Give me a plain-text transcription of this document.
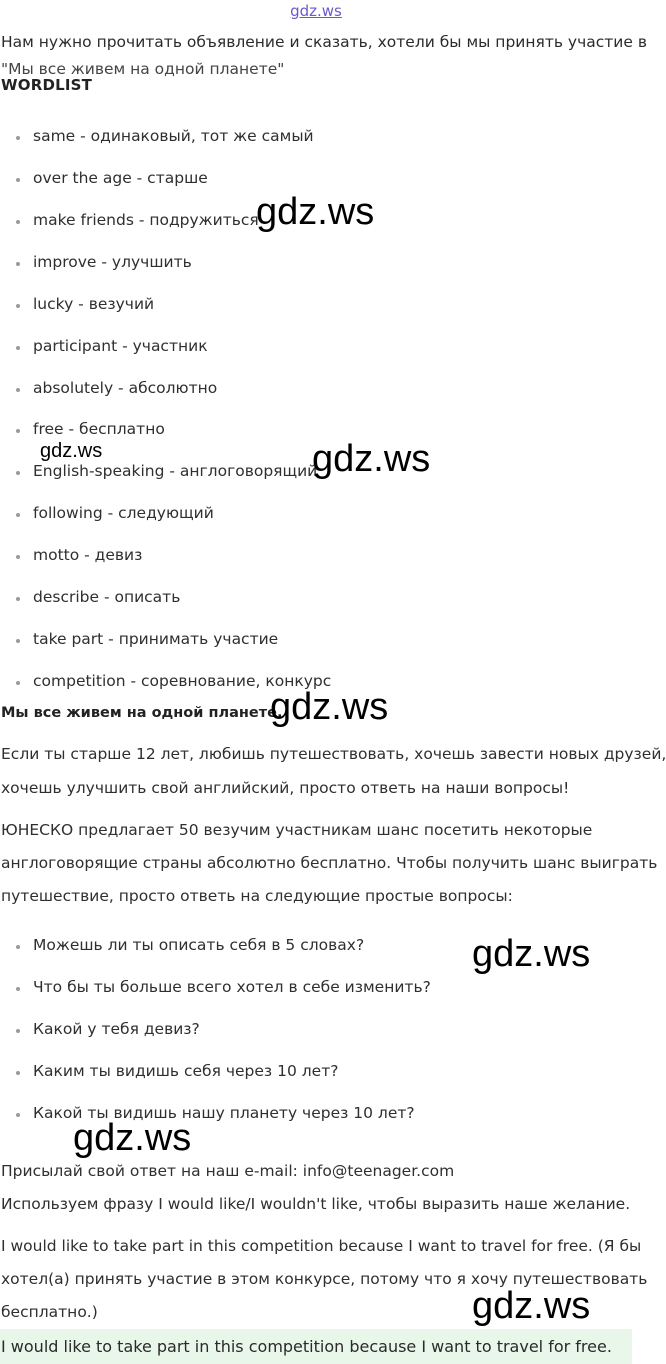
gdz.ws
Нам нужно прочитать объявление и сказать, хотели бы мы принять участие в
"Мы все живем на одной планете"
WORDLIST
same - одинаковый, тот же самый
over the age - старше
make friends - подружиться
improve - улучшить
lucky - везучий
participant - участник
absolutely - абсолютно
free - бесплатно
English-speaking - англоговорящий
following - следующий
motto - девиз
describe - описать
take part - принимать участие
competition - соревнование, конкурс
Мы все живем на одной планете.
Если ты старше 12 лет, любишь путешествовать, хочешь завести новых друзей,
хочешь улучшить свой английский, просто ответь на наши вопросы!
ЮНЕСКО предлагает 50 везучим участникам шанс посетить некоторые
англоговорящие страны абсолютно бесплатно. Чтобы получить шанс выиграть
путешествие, просто ответь на следующие простые вопросы:
Можешь ли ты описать себя в 5 словах?
Что бы ты больше всего хотел в себе изменить?
Какой у тебя девиз?
Каким ты видишь себя через 10 лет?
Какой ты видишь нашу планету через 10 лет?
Присылай свой ответ на наш e-mail: info@teenager.com
Используем фразу I would like/I wouldn't like, чтобы выразить наше желание.
I would like to take part in this competition because I want to travel for free. (Я бы
хотел(а) принять участие в этом конкурсе, потому что я хочу путешествовать
бесплатно.)
I would like to take part in this competition because I want to travel for free.
gdz.ws
gdz.ws	gdz.ws
gdz.ws
gdz.ws
gdz.ws
gdz.ws
